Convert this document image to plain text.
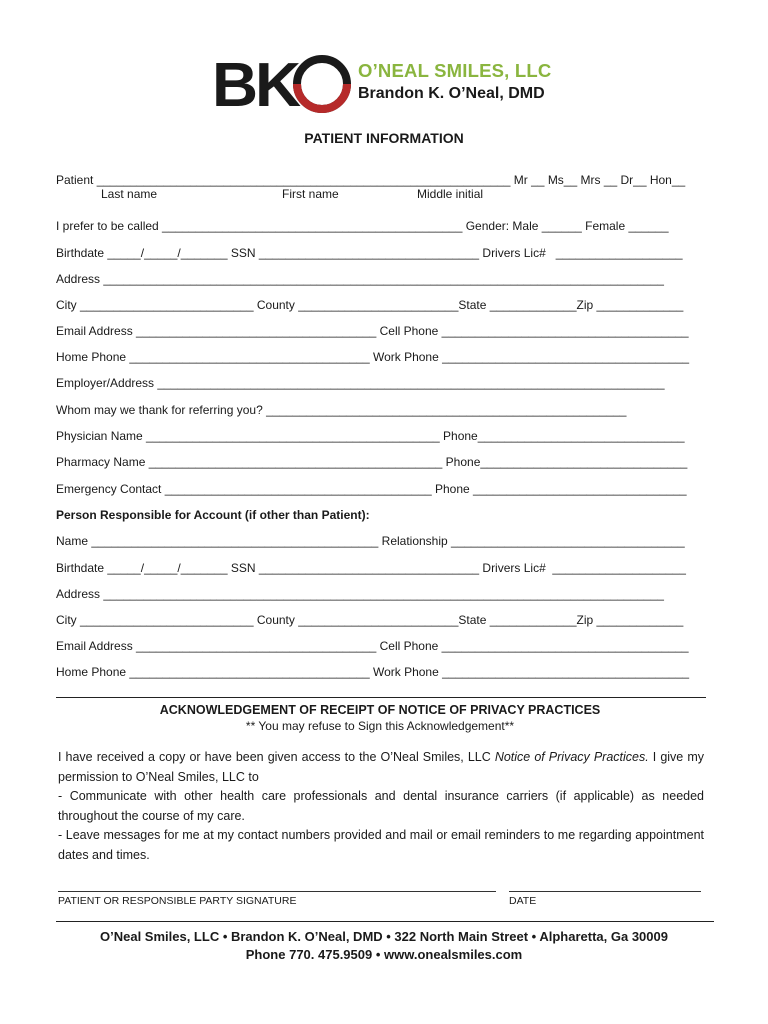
BK	O’NEAL SMILES, LLC
Brandon K. O’Neal, DMD
PATIENT INFORMATION
Patient ______________________________________________________________ Mr __ Ms__ Mrs __ Dr__ Hon__
Last name	First name	Middle initial
I prefer to be called _____________________________________________ Gender: Male ______ Female ______
Birthdate _____/_____/_______ SSN _________________________________ Drivers Lic#   ___________________
Address ____________________________________________________________________________________
City __________________________ County ________________________State _____________Zip _____________
Email Address ____________________________________ Cell Phone _____________________________________
Home Phone ____________________________________ Work Phone _____________________________________
Employer/Address ____________________________________________________________________________
Whom may we thank for referring you? ______________________________________________________
Physician Name ____________________________________________ Phone_______________________________
Pharmacy Name ____________________________________________ Phone_______________________________
Emergency Contact ________________________________________ Phone ________________________________
Person Responsible for Account (if other than Patient):
Name ___________________________________________ Relationship ___________________________________
Birthdate _____/_____/_______ SSN _________________________________ Drivers Lic#  ____________________
Address ____________________________________________________________________________________
City __________________________ County ________________________State _____________Zip _____________
Email Address ____________________________________ Cell Phone _____________________________________
Home Phone ____________________________________ Work Phone _____________________________________
ACKNOWLEDGEMENT OF RECEIPT OF NOTICE OF PRIVACY PRACTICES
** You may refuse to Sign this Acknowledgement**

I have received a copy or have been given access to the O’Neal Smiles, LLC Notice of Privacy Practices. I give my permission to O’Neal Smiles, LLC to

- Communicate with other health care professionals and dental insurance carriers (if applicable) as needed throughout the course of my care.

- Leave messages for me at my contact numbers provided and mail or email reminders to me regarding appointment dates and times.

PATIENT OR RESPONSIBLE PARTY SIGNATURE	DATE
O’Neal Smiles, LLC • Brandon K. O’Neal, DMD • 322 North Main Street • Alpharetta, Ga 30009
Phone 770. 475.9509 • www.onealsmiles.com
